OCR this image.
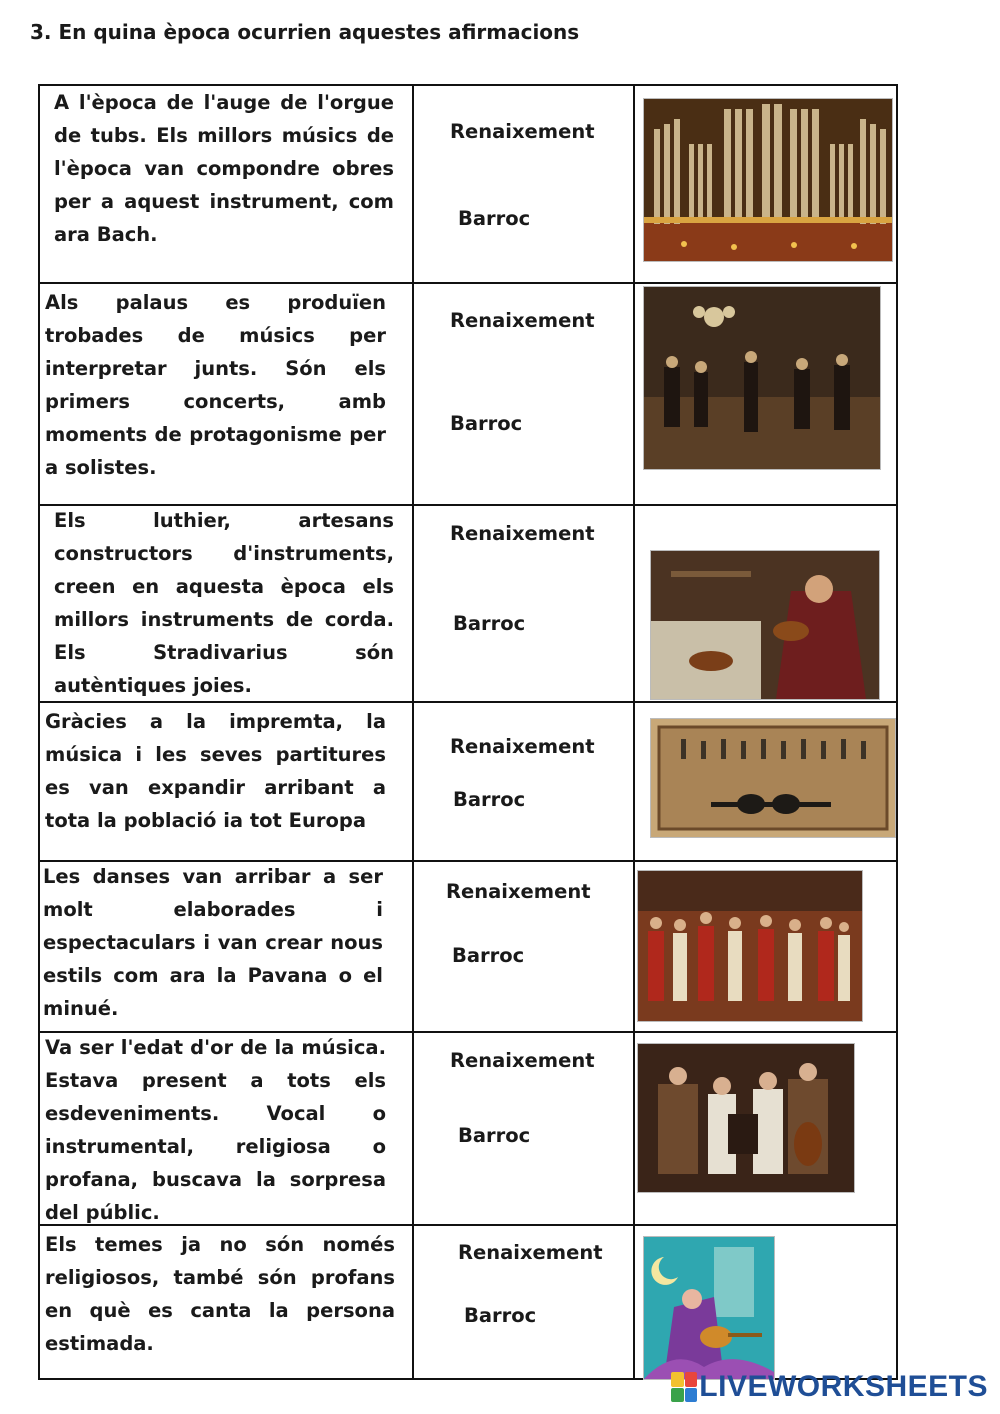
3. En quina època ocurrien aquestes afirmacions
A l'època de l'auge de l'orgue de tubs. Els millors músics de l'època van compondre obres per a aquest instrument, com ara Bach.
Renaixement
Barroc
Als palaus es produïen trobades de músics per interpretar junts. Són els primers concerts, amb moments de protagonisme per a solistes.
Renaixement
Barroc
Els luthier, artesans constructors d'instruments, creen en aquesta època els millors instruments de corda. Els Stradivarius són autèntiques joies.
Renaixement
Barroc
Gràcies a la impremta, la música i les seves partitures es van expandir arribant a tota la població ia tot Europa
Renaixement
Barroc
Les danses van arribar a ser molt elaborades i espectaculars i van crear nous estils com ara la Pavana o el minué.
Renaixement
Barroc
Va ser l'edat d'or de la música. Estava present a tots els esdeveniments. Vocal o instrumental, religiosa o profana, buscava la sorpresa del públic.
Renaixement
Barroc
Els temes ja no són només religiosos, també són profans en què es canta la persona estimada.
Renaixement
Barroc
LIVEWORKSHEETS
